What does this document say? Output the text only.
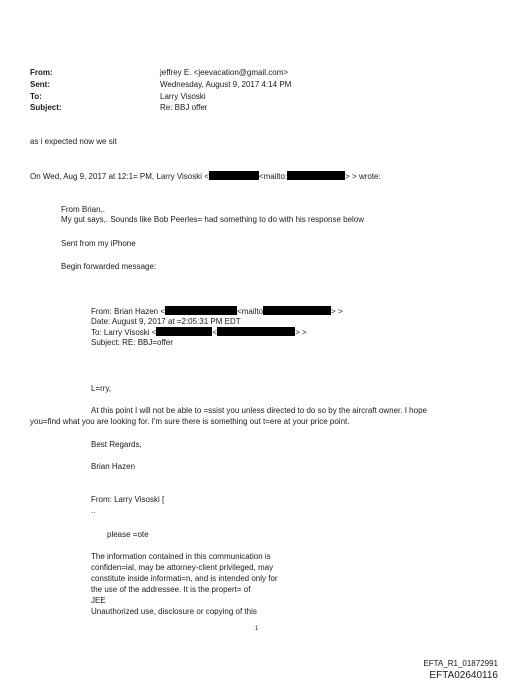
From:	jeffrey E. <jeevacation@gmail.com>
Sent:	Wednesday, August 9, 2017 4:14 PM
To:	Larry Visoski
Subject:	Re: BBJ offer
as i expected now we sit
On Wed, Aug 9, 2017 at 12:1= PM, Larry Visoski <	<mailto:	> > wrote:
From Brian,.
My gut says,. Sounds like Bob Peerles= had something to do with his response below
Sent from my iPhone
Begin forwarded message:
From: Brian Hazen <	<mailto	> >
Date: August 9, 2017 at =2:05:31 PM EDT
To: Larry Visoski <	<	> >
Subject: RE: BBJ=offer
L=rry,
At this point I will not be able to =ssist you unless directed to do so by the aircraft owner. I hope
you=find what you are looking for. I'm sure there is something out t=ere at your price point.
Best Regards,
Brian Hazen
From: Larry Visoski [
..
please =ote
The information contained in this communication is
confiden=ial, may be attorney-client privileged, may
constitute inside informati=n, and is intended only for
the use of the addressee. It is the propert= of
JEE
Unauthorized use, disclosure or copying of this
1
EFTA_R1_01872991
EFTA02640116
